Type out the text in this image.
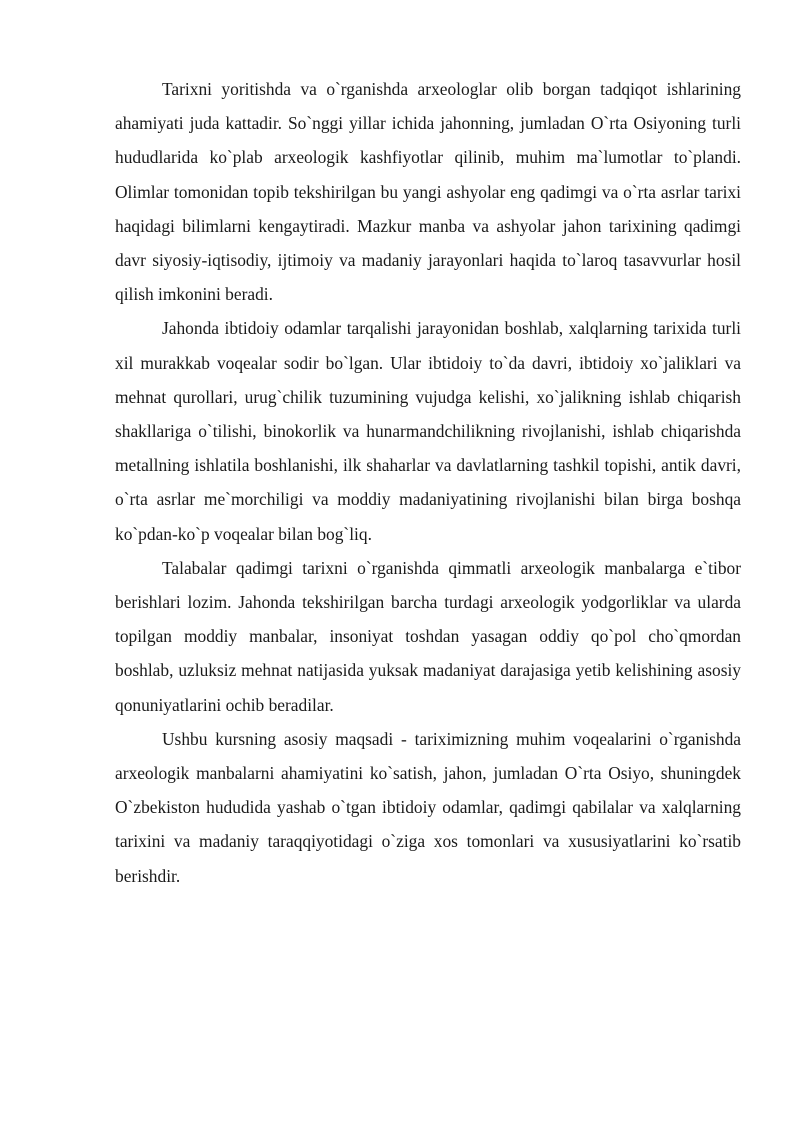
Tarixni yoritishda va o`rganishda arxeologlar olib borgan tadqiqot ishlarining ahamiyati juda kattadir. So`nggi yillar ichida jahonning, jumladan O`rta Osiyoning turli hududlarida ko`plab arxeologik kashfiyotlar qilinib, muhim ma`lumotlar to`plandi. Olimlar tomonidan topib tekshirilgan bu yangi ashyolar eng qadimgi va o`rta asrlar tarixi haqidagi bilimlarni kengaytiradi. Mazkur manba va ashyolar jahon tarixining qadimgi davr siyosiy-iqtisodiy, ijtimoiy va madaniy jarayonlari haqida to`laroq tasavvurlar hosil qilish imkonini beradi.

Jahonda ibtidoiy odamlar tarqalishi jarayonidan boshlab, xalqlarning tarixida turli xil murakkab voqealar sodir bo`lgan. Ular ibtidoiy to`da davri, ibtidoiy xo`jaliklari va mehnat qurollari, urug`chilik tuzumining vujudga kelishi, xo`jalikning ishlab chiqarish shakllariga o`tilishi, binokorlik va hunarmandchilikning rivojlanishi, ishlab chiqarishda metallning ishlatila boshlanishi, ilk shaharlar va davlatlarning tashkil topishi, antik davri, o`rta asrlar me`morchiligi va moddiy madaniyatining rivojlanishi bilan birga boshqa ko`pdan-ko`p voqealar bilan bog`liq.

Talabalar qadimgi tarixni o`rganishda qimmatli arxeologik manbalarga e`tibor berishlari lozim. Jahonda tekshirilgan barcha turdagi arxeologik yodgorliklar va ularda topilgan moddiy manbalar, insoniyat toshdan yasagan oddiy qo`pol cho`qmordan boshlab, uzluksiz mehnat natijasida yuksak madaniyat darajasiga yetib kelishining asosiy qonuniyatlarini ochib beradilar.

Ushbu kursning asosiy maqsadi - tariximizning muhim voqealarini o`rganishda arxeologik manbalarni ahamiyatini ko`satish, jahon, jumladan O`rta Osiyo, shuningdek O`zbekiston hududida yashab o`tgan ibtidoiy odamlar, qadimgi qabilalar va xalqlarning tarixini va madaniy taraqqiyotidagi o`ziga xos tomonlari va xususiyatlarini ko`rsatib berishdir.
